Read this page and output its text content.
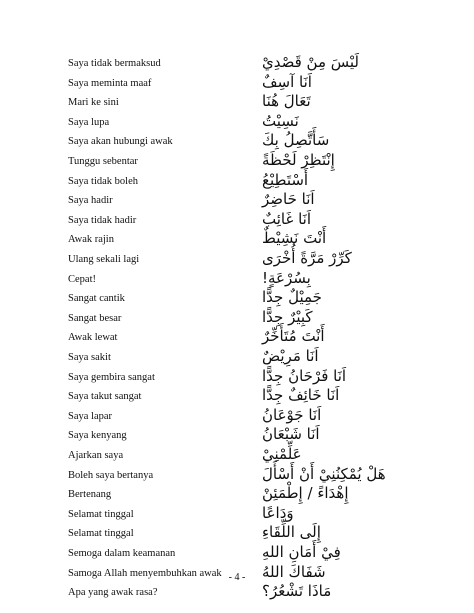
- 4 -
Saya tidak bermaksud	لَيْسَ مِنْ قَصْدِيْ
Saya meminta maaf	اَنَا آسِفٌ
Mari ke sini	تَعَالَ هُنَا
Saya lupa	نَسِيْتُ
Saya akan hubungi awak	سَأَتَّصِلُ بِكَ
Tunggu sebentar	إِنْتَظِرْ لَحْظَةً
Saya tidak boleh	أَسْتَطِيْعُ
Saya hadir	اَنَا حَاضِرٌ
Saya tidak hadir	اَنَا غَائِبٌ
Awak rajin	أَنْتَ نَشِيْطٌ
Ulang sekali lagi	كَرِّرْ مَرَّةً أُخْرَى
Cepat!	بِسُرْعَةٍ!
Sangat cantik	جَمِيْلٌ جِدًّا
Sangat besar	كَبِيْرٌ جِدًّا
Awak lewat	أَنْتَ مُتَأَخِّرٌ
Saya sakit	اَنَا مَرِيْضٌ
Saya gembira sangat	اَنَا فَرْحَانُ جِدًّا
Saya takut sangat	اَنَا خَائِفٌ جِدًّا
Saya lapar	اَنَا جَوْعَانُ
Saya kenyang	اَنَا شَبْعَانُ
Ajarkan saya	عَلِّمْنِيْ
Boleh saya bertanya	هَلْ يُمْكِنُنِيْ أَنْ أَسْأَلَ
Bertenang	إِهْدَاءً / إِطْمَئِنْ
Selamat tinggal	وَدَاعًا
Selamat tinggal	إِلَى اللِّقَاءِ
Semoga dalam keamanan	فِيْ أَمَانِ اللهِ
Samoga Allah menyembuhkan awak	شَفَاكَ اللهُ
Apa yang awak rasa?	مَاذَا تَشْعُرُ؟
